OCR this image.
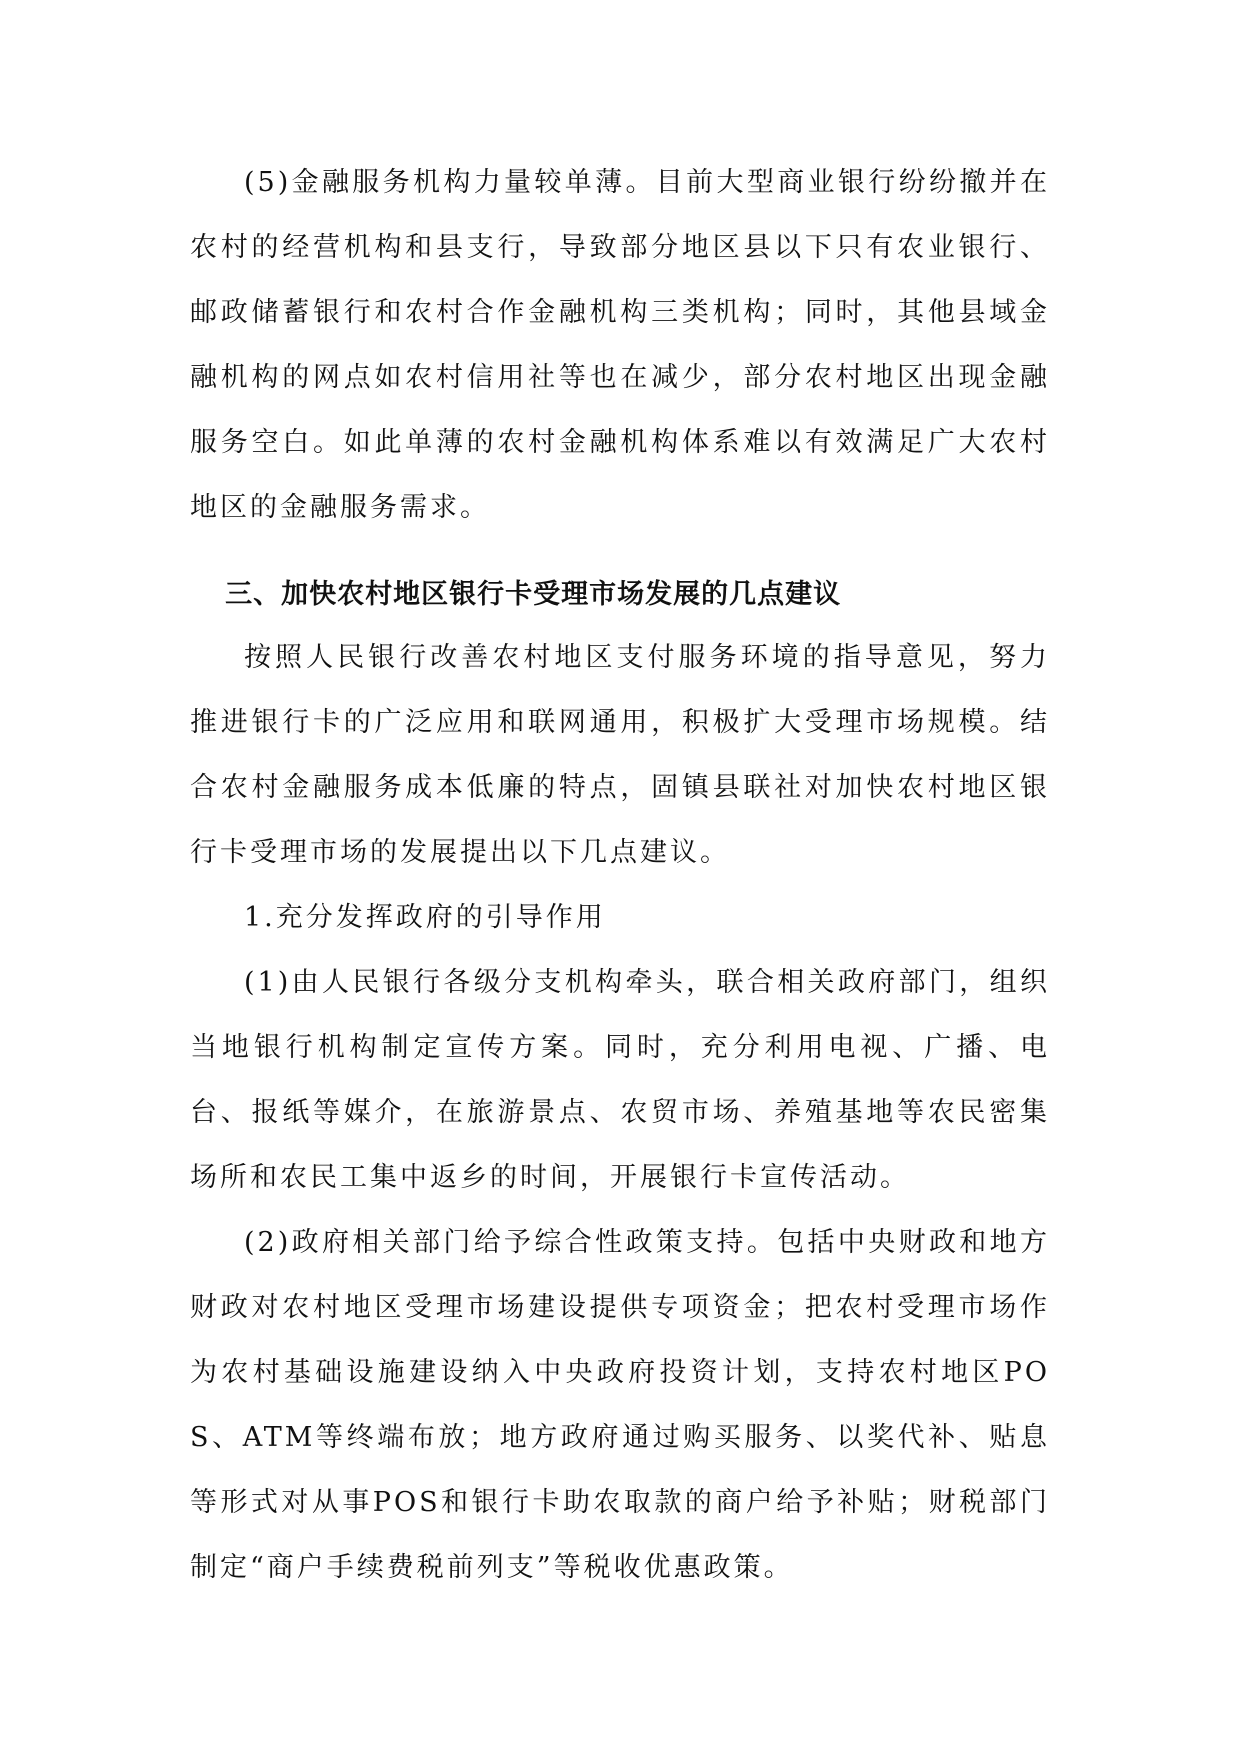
(5)金融服务机构力量较单薄。目前大型商业银行纷纷撤并在农村的经营机构和县支行，导致部分地区县以下只有农业银行、邮政储蓄银行和农村合作金融机构三类机构；同时，其他县域金融机构的网点如农村信用社等也在减少，部分农村地区出现金融服务空白。如此单薄的农村金融机构体系难以有效满足广大农村地区的金融服务需求。

三、加快农村地区银行卡受理市场发展的几点建议

按照人民银行改善农村地区支付服务环境的指导意见，努力推进银行卡的广泛应用和联网通用，积极扩大受理市场规模。结合农村金融服务成本低廉的特点，固镇县联社对加快农村地区银行卡受理市场的发展提出以下几点建议。

1.充分发挥政府的引导作用

(1)由人民银行各级分支机构牵头，联合相关政府部门，组织当地银行机构制定宣传方案。同时，充分利用电视、广播、电台、报纸等媒介，在旅游景点、农贸市场、养殖基地等农民密集场所和农民工集中返乡的时间，开展银行卡宣传活动。

(2)政府相关部门给予综合性政策支持。包括中央财政和地方财政对农村地区受理市场建设提供专项资金；把农村受理市场作为农村基础设施建设纳入中央政府投资计划，支持农村地区POS、ATM等终端布放；地方政府通过购买服务、以奖代补、贴息等形式对从事POS和银行卡助农取款的商户给予补贴；财税部门制定“商户手续费税前列支”等税收优惠政策。
